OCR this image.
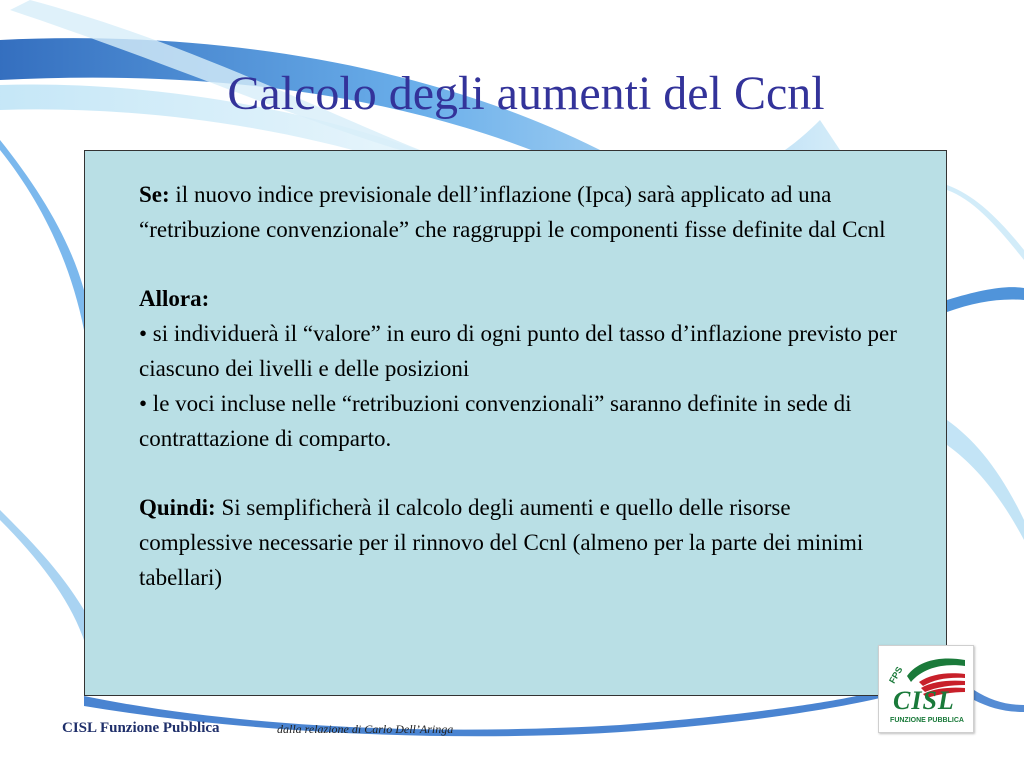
Calcolo degli aumenti del Ccnl

Se: il nuovo indice previsionale dell’inflazione (Ipca) sarà applicato ad una “retribuzione convenzionale” che raggruppi le componenti fisse definite dal Ccnl

Allora:

• si individuerà il “valore” in euro di ogni punto del tasso d’inflazione previsto per ciascuno dei livelli e delle posizioni

• le voci incluse nelle “retribuzioni convenzionali” saranno definite in sede di contrattazione di comparto.

Quindi: Si semplificherà il calcolo degli aumenti e quello delle risorse complessive necessarie per il rinnovo del Ccnl (almeno per la parte dei minimi tabellari)

FPS
CISL
FUNZIONE PUBBLICA
CISL Funzione Pubblica	dalla relazione di Carlo Dell’Aringa
